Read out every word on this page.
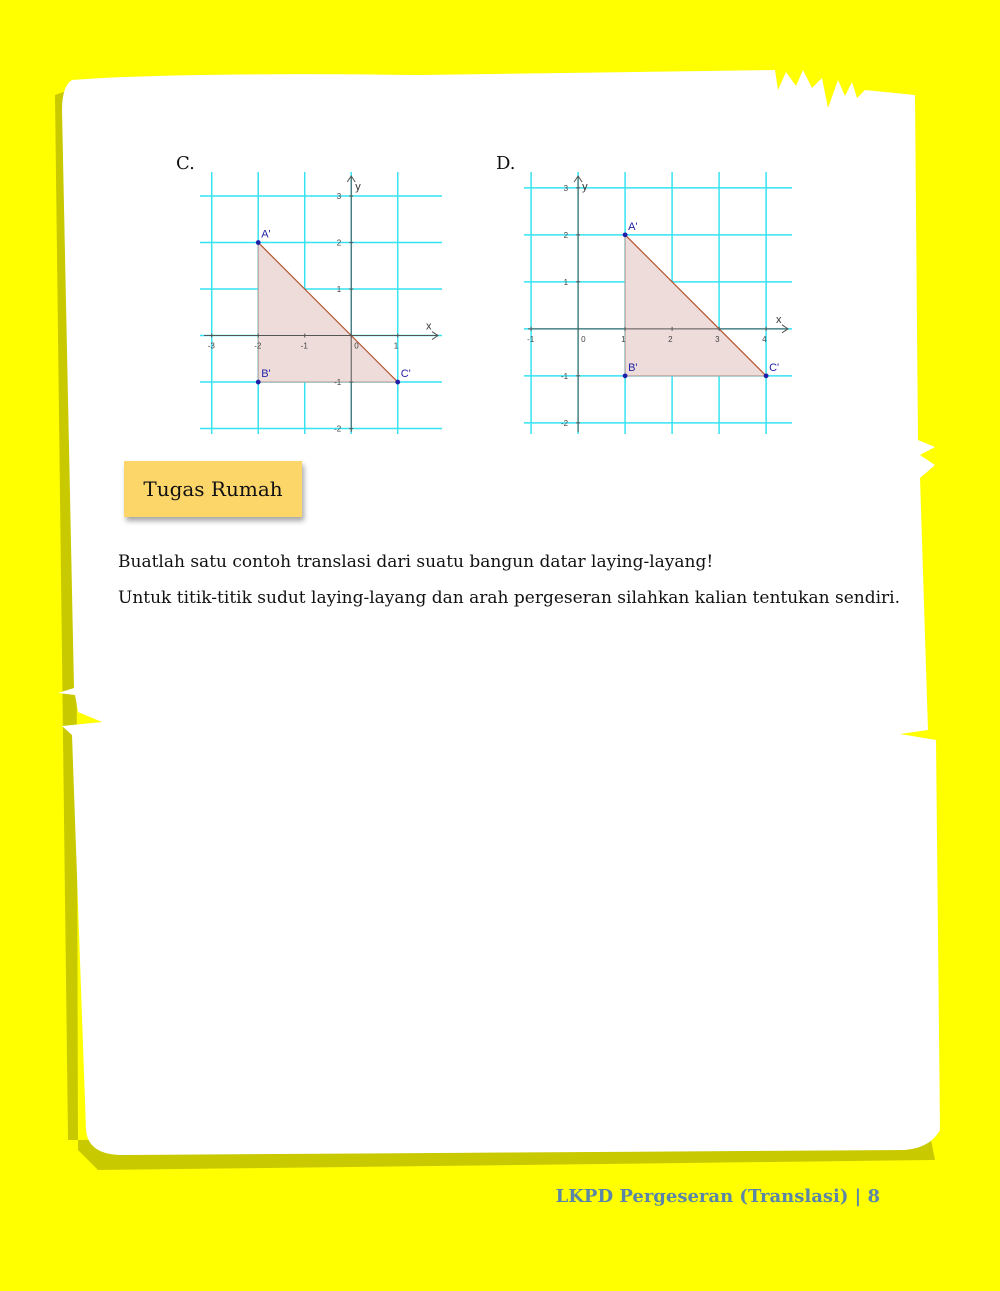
C.	D.
x
y
-3	-2	-1	0	1
-2
-1
1
2
3
A'
B'	C'
x
y
-1	0	1	2	3	4
-2
-1
1
2
3
A'
B'	C'
Tugas Rumah
Buatlah satu contoh translasi dari suatu bangun datar laying-layang!
Untuk titik-titik sudut laying-layang dan arah pergeseran silahkan kalian tentukan sendiri.
LKPD Pergeseran (Translasi) | 8
